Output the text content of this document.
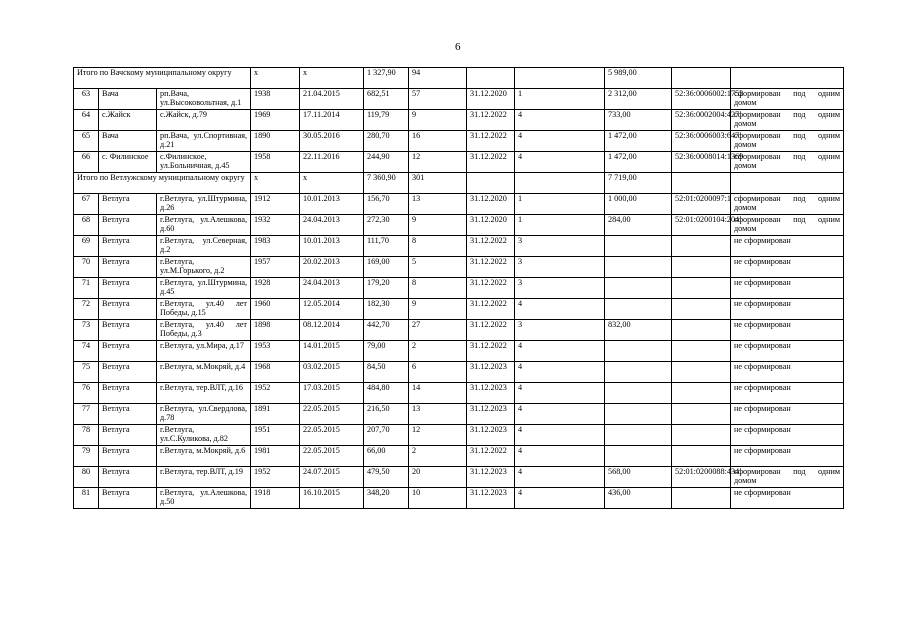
6
Итого по Вачскому муниципальному округу			х	х	1 327,90	94			5 989,00		
63	Вача	рп.Вача, ул.Высоковольтная, д.1	1938	21.04.2015	682,51	57	31.12.2020	1	2 312,00	52:36:0006002:1752	сформирован под одним домом
64	с.Жайск	с.Жайск, д.79	1969	17.11.2014	119,79	9	31.12.2022	4	733,00	52:36:0002004:427	сформирован под одним домом
65	Вача	рп.Вача, ул.Спортивная, д.21	1890	30.05.2016	280,70	16	31.12.2022	4	1 472,00	52:36:0006003:647	сформирован под одним домом
66	с. Филинское	с.Филинское, ул.Больничная, д.45	1958	22.11.2016	244,90	12	31.12.2022	4	1 472,00	52:36:0008014:1369	сформирован под одним домом
Итого по Ветлужскому муниципальному округу			х	х	7 360,90	301			7 719,00		
67	Ветлуга	г.Ветлуга, ул.Штурмина, д.26	1912	10.01.2013	156,70	13	31.12.2020	1	1 000,00	52:01:0200097:1	сформирован под одним домом
68	Ветлуга	г.Ветлуга, ул.Алешкова, д.60	1932	24.04.2013	272,30	9	31.12.2020	1	284,00	52:01:0200104:204	сформирован под одним домом
69	Ветлуга	г.Ветлуга, ул.Северная, д.2	1983	10.01.2013	111,70	8	31.12.2022	3			не сформирован
70	Ветлуга	г.Ветлуга, ул.М.Горького, д.2	1957	20.02.2013	169,00	5	31.12.2022	3			не сформирован
71	Ветлуга	г.Ветлуга, ул.Штурмина, д.45	1928	24.04.2013	179,20	8	31.12.2022	3			не сформирован
72	Ветлуга	г.Ветлуга, ул.40 лет Победы, д.15	1960	12.05.2014	182,30	9	31.12.2022	4			не сформирован
73	Ветлуга	г.Ветлуга, ул.40 лет Победы, д.3	1898	08.12.2014	442,70	27	31.12.2022	3	832,00		не сформирован
74	Ветлуга	г.Ветлуга, ул.Мира, д.17	1953	14.01.2015	79,00	2	31.12.2022	4			не сформирован
75	Ветлуга	г.Ветлуга, м.Мокряй, д.4	1968	03.02.2015	84,50	6	31.12.2023	4			не сформирован
76	Ветлуга	г.Ветлуга, тер.ВЛТ, д.16	1952	17.03.2015	484,80	14	31.12.2023	4			не сформирован
77	Ветлуга	г.Ветлуга, ул.Свердлова, д.78	1891	22.05.2015	216,50	13	31.12.2023	4			не сформирован
78	Ветлуга	г.Ветлуга, ул.С.Куликова, д.82	1951	22.05.2015	207,70	12	31.12.2023	4			не сформирован
79	Ветлуга	г.Ветлуга, м.Мокряй, д.6	1981	22.05.2015	66,00	2	31.12.2022	4			не сформирован
80	Ветлуга	г.Ветлуга, тер.ВЛТ, д.19	1952	24.07.2015	479,50	20	31.12.2023	4	568,00	52:01:0200088:434	сформирован под одним домом
81	Ветлуга	г.Ветлуга, ул.Алешкова, д.50	1918	16.10.2015	348,20	10	31.12.2023	4	436,00		не сформирован
